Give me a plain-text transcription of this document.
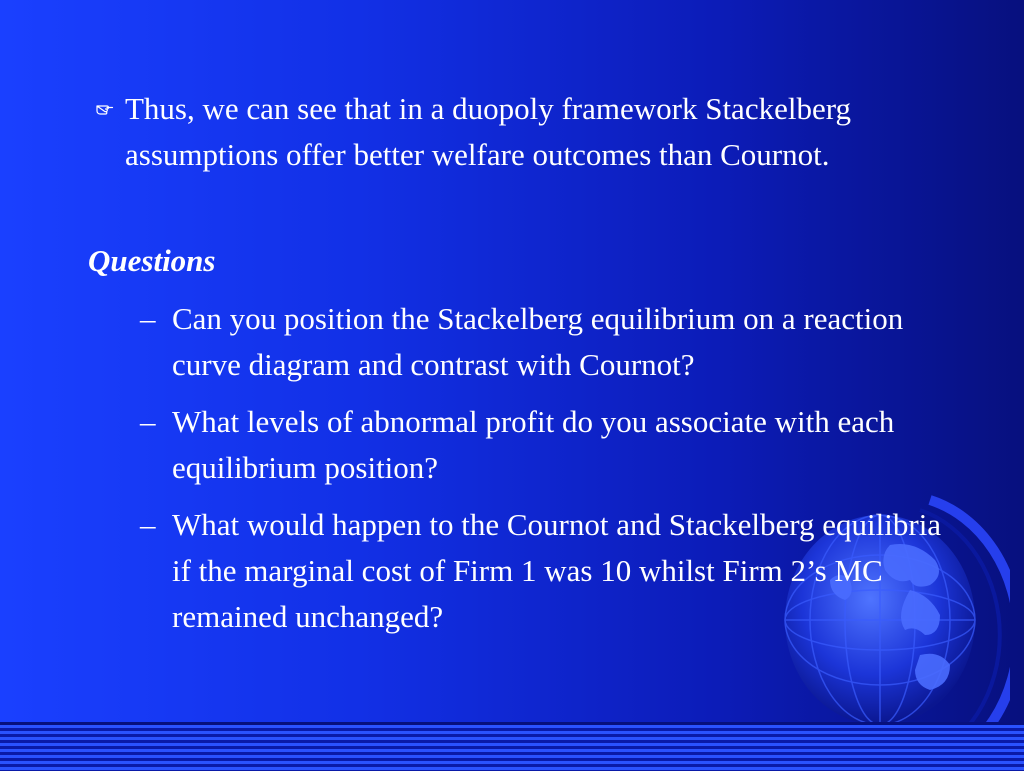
Thus, we can see that in a duopoly framework Stackelberg assumptions offer better welfare outcomes than Cournot.
Questions
– Can you position the Stackelberg equilibrium on a reaction curve diagram and contrast with Cournot?
– What levels of abnormal profit do you associate with each equilibrium position?
– What would happen to the Cournot and Stackelberg equilibria if the marginal cost of Firm 1 was 10 whilst Firm 2’s MC remained unchanged?
